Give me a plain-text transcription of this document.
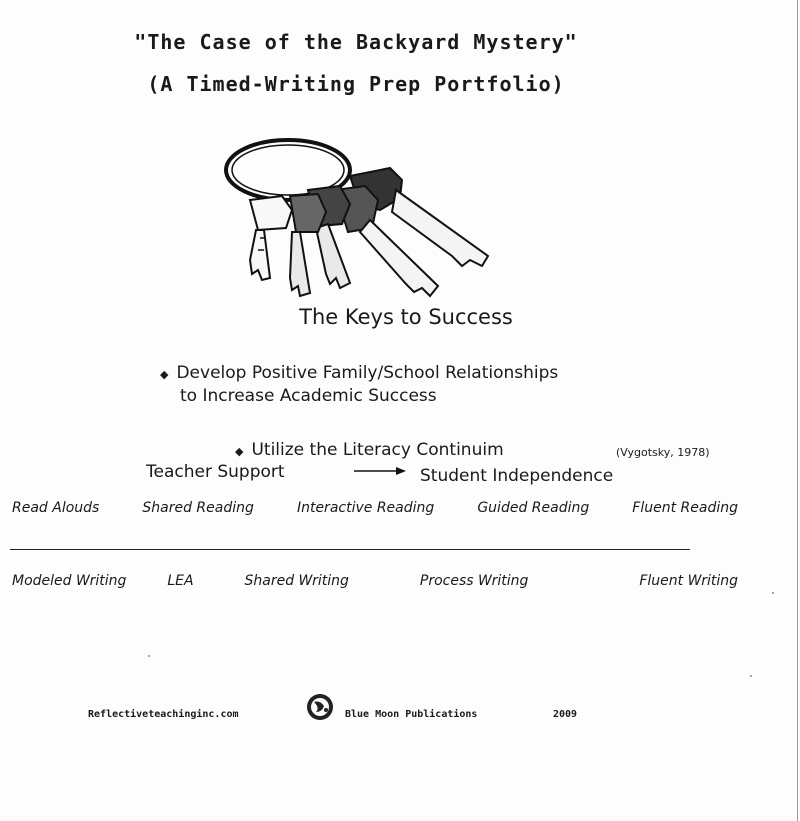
"The Case of the Backyard Mystery"
(A Timed-Writing Prep Portfolio)
The Keys to Success
◆ Develop Positive Family/School Relationships
to Increase Academic Success
◆ Utilize the Literacy Continuim	(Vygotsky, 1978)
Teacher Support	Student Independence
Read Alouds	Shared Reading	Interactive Reading	Guided Reading	Fluent Reading
Modeled Writing	LEA	Shared Writing	Process Writing	Fluent Writing
Reflectiveteachinginc.com	Blue Moon Publications	2009
